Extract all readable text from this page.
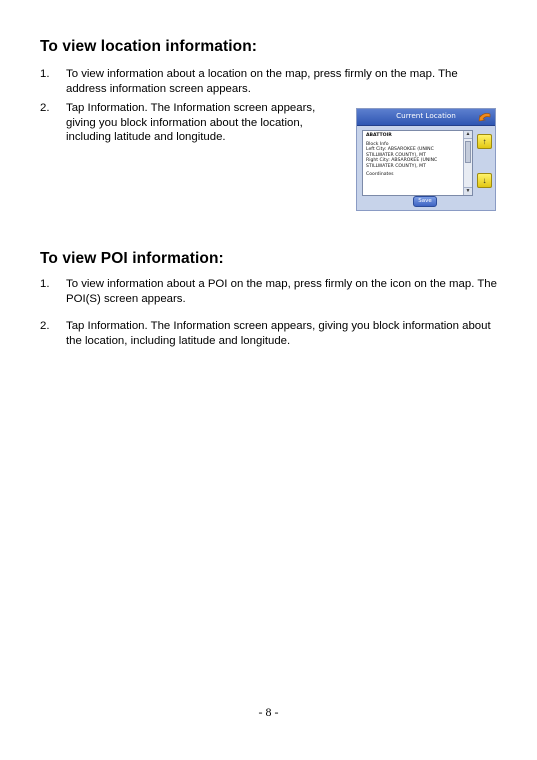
To view location information:
1.	To view information about a location on the map, press firmly on the map. The address information screen appears.
2.	Tap Information. The Information screen appears, giving you block information about the location, including latitude and longitude.
Current Location
ABATTOIR
Block Info
Left City: ABSAROKEE (UNINC
STILLWATER COUNTY), MT
Right City: ABSAROKEE (UNINC
STILLWATER COUNTY), MT
Coordinates
▲
▼
↑
↓
Save
To view POI information:
1.	To view information about a POI on the map, press firmly on the icon on the map. The POI(S) screen appears.
2.	Tap Information. The Information screen appears, giving you block information about the location, including latitude and longitude.
- 8 -
